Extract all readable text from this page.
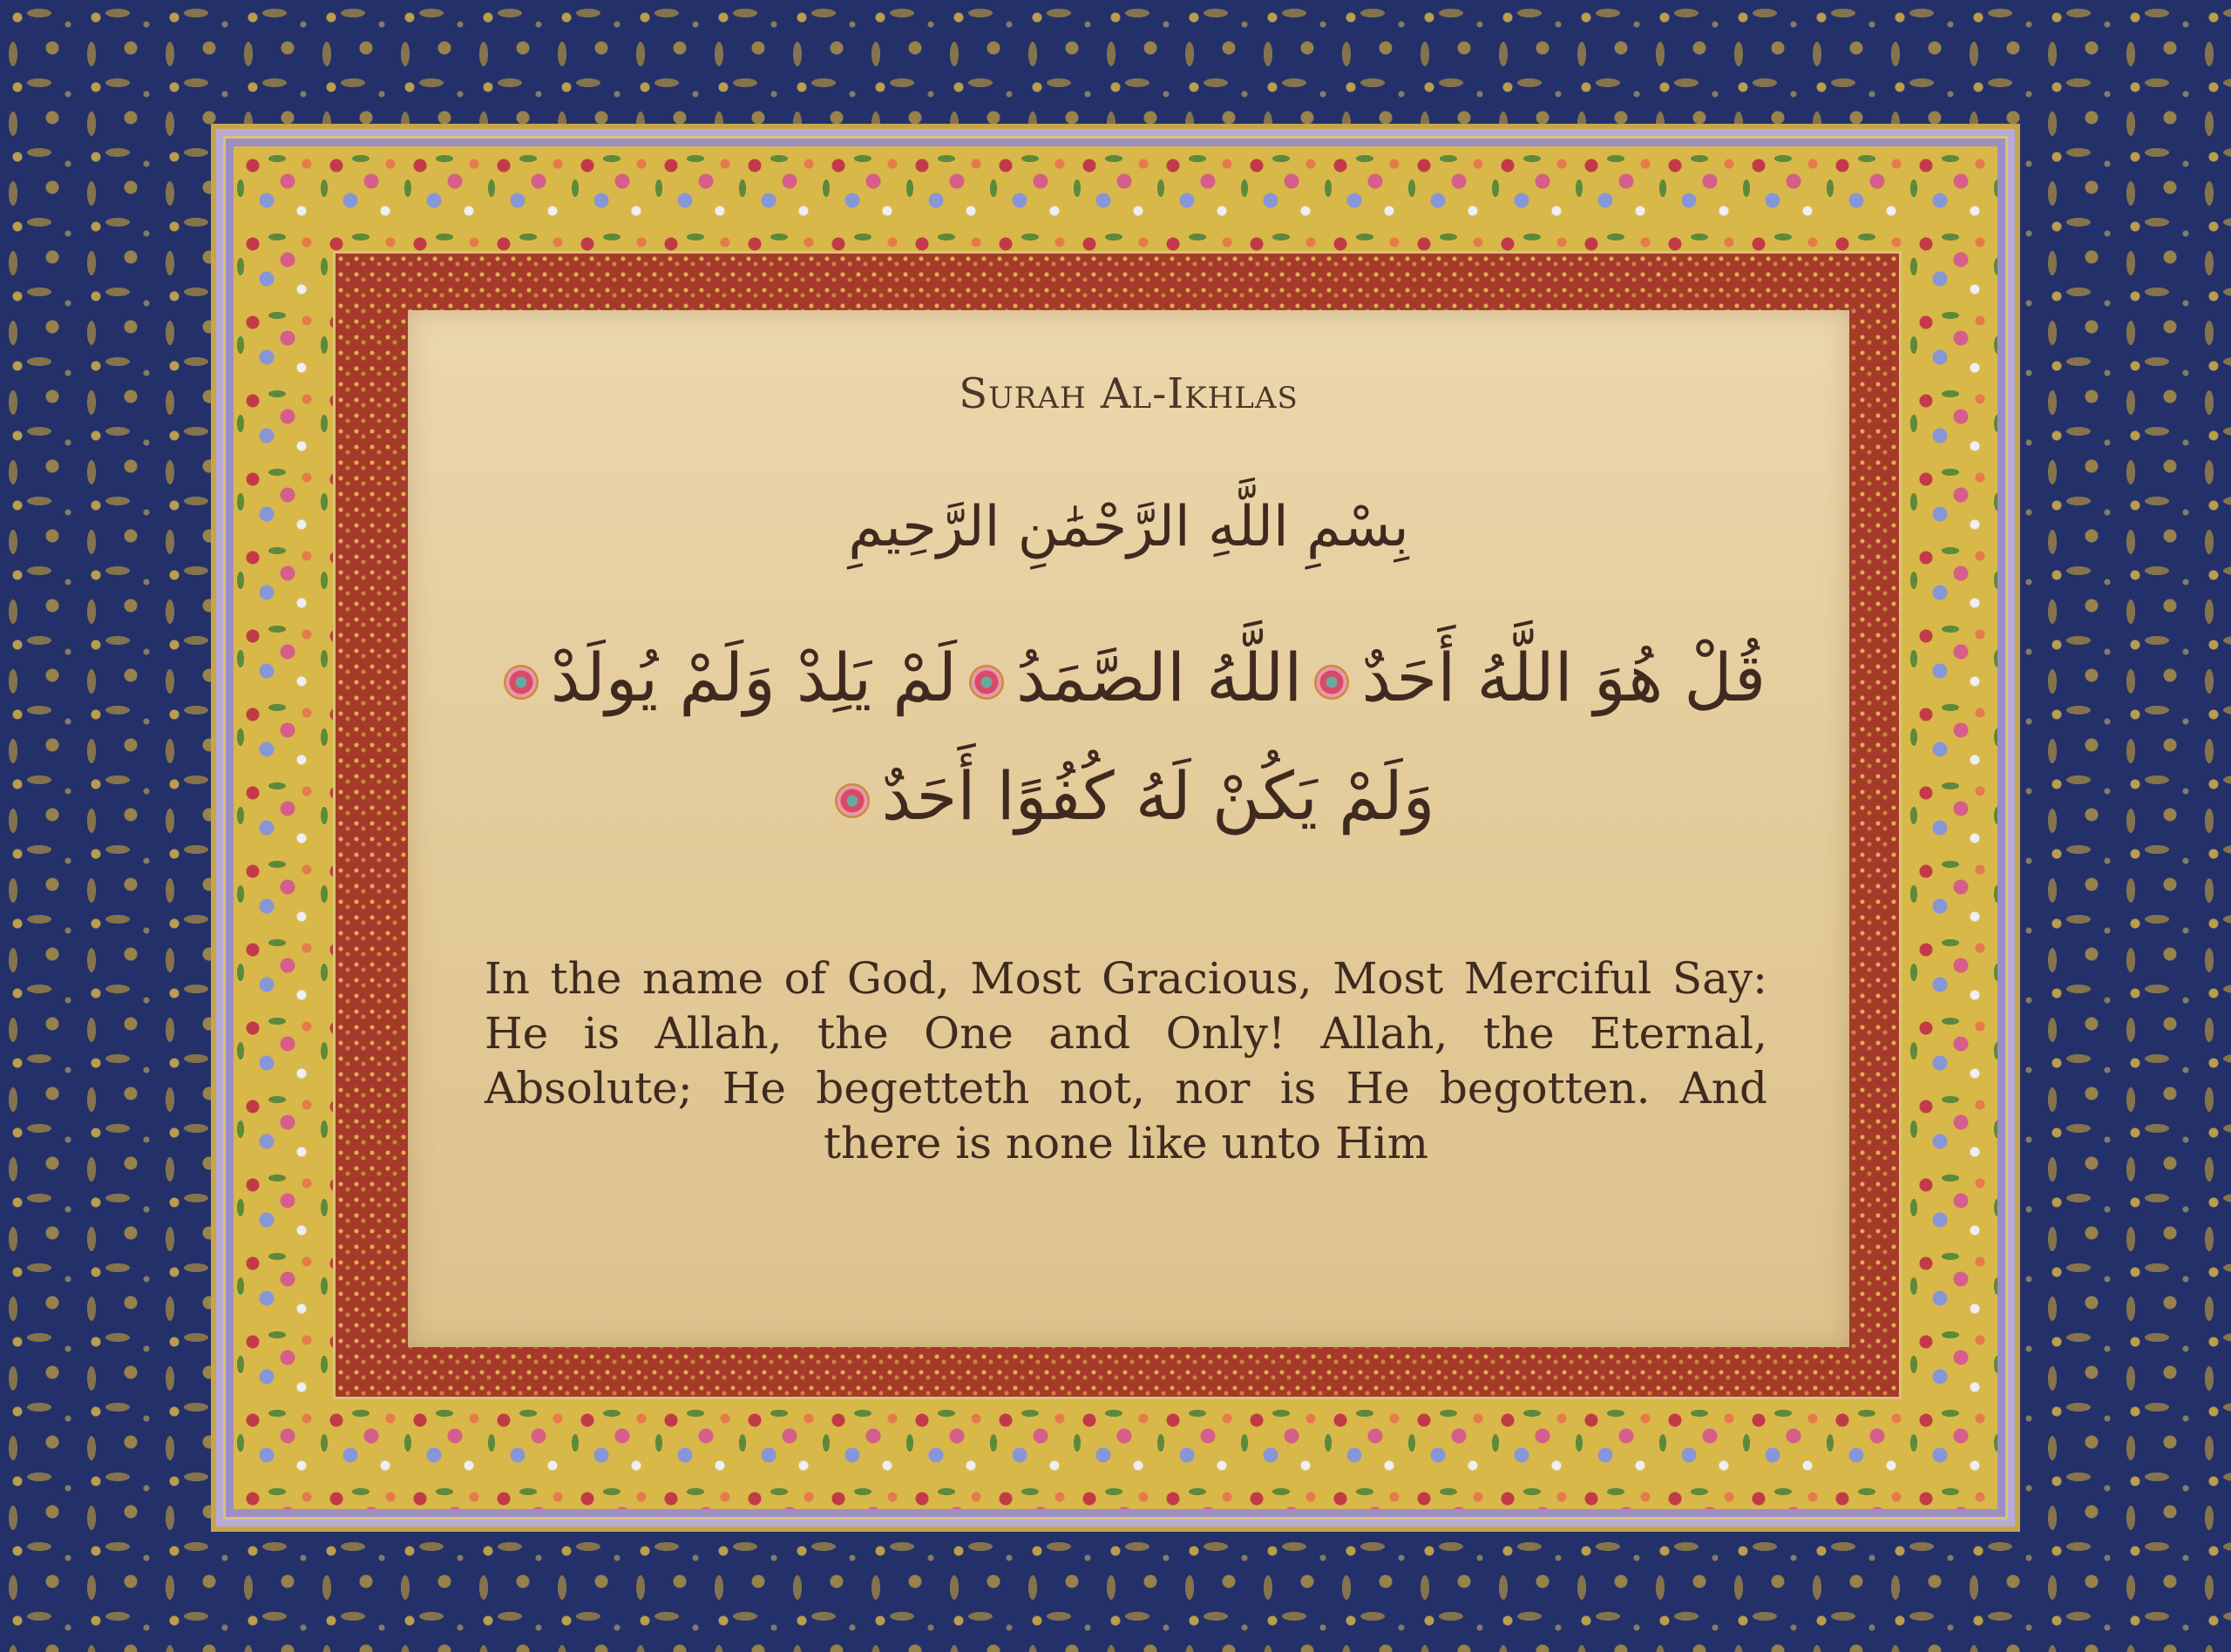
Surah Al-Ikhlas
بِسْمِ اللَّهِ الرَّحْمَٰنِ الرَّحِيمِ
قُلْ هُوَ اللَّهُ أَحَدٌاللَّهُ الصَّمَدُلَمْ يَلِدْ وَلَمْ يُولَدْوَلَمْ يَكُنْ لَهُ كُفُوًا أَحَدٌ
In the name of God, Most Gracious, Most Merciful Say: He is Allah, the One and Only! Allah, the Eternal, Absolute; He begetteth not, nor is He begotten. And there is none like unto Him
